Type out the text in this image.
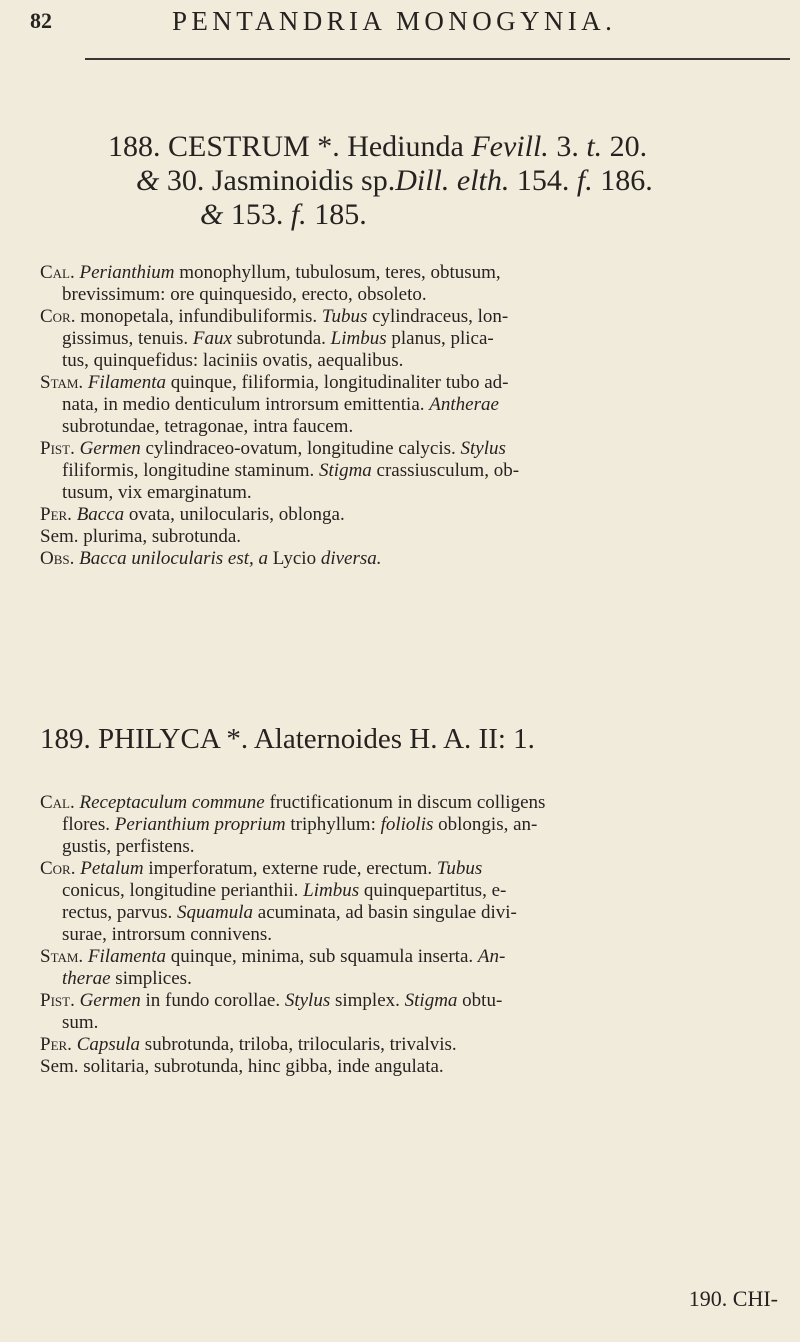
82	PENTANDRIA MONOGYNIA.
188. CESTRUM *. Hediunda Fevill. 3. t. 20.
& 30. Jasminoidis sp.Dill. elth. 154. f. 186.
& 153. f. 185.
Cal. Perianthium monophyllum, tubulosum, teres, obtusum,
brevissimum: ore quinquesido, erecto, obsoleto.
Cor. monopetala, infundibuliformis. Tubus cylindraceus, lon-
gissimus, tenuis. Faux subrotunda. Limbus planus, plica-
tus, quinquefidus: laciniis ovatis, aequalibus.
Stam. Filamenta quinque, filiformia, longitudinaliter tubo ad-
nata, in medio denticulum introrsum emittentia. Antherae
subrotundae, tetragonae, intra faucem.
Pist. Germen cylindraceo-ovatum, longitudine calycis. Stylus
filiformis, longitudine staminum. Stigma crassiusculum, ob-
tusum, vix emarginatum.
Per. Bacca ovata, unilocularis, oblonga.
Sem. plurima, subrotunda.
Obs. Bacca unilocularis est, a Lycio diversa.
189. PHILYCA *. Alaternoides H. A. II: 1.
Cal. Receptaculum commune fructificationum in discum colligens
flores. Perianthium proprium triphyllum: foliolis oblongis, an-
gustis, perfistens.
Cor. Petalum imperforatum, externe rude, erectum. Tubus
conicus, longitudine perianthii. Limbus quinquepartitus, e-
rectus, parvus. Squamula acuminata, ad basin singulae divi-
surae, introrsum connivens.
Stam. Filamenta quinque, minima, sub squamula inserta. An-
therae simplices.
Pist. Germen in fundo corollae. Stylus simplex. Stigma obtu-
sum.
Per. Capsula subrotunda, triloba, trilocularis, trivalvis.
Sem. solitaria, subrotunda, hinc gibba, inde angulata.
190. CHI-
